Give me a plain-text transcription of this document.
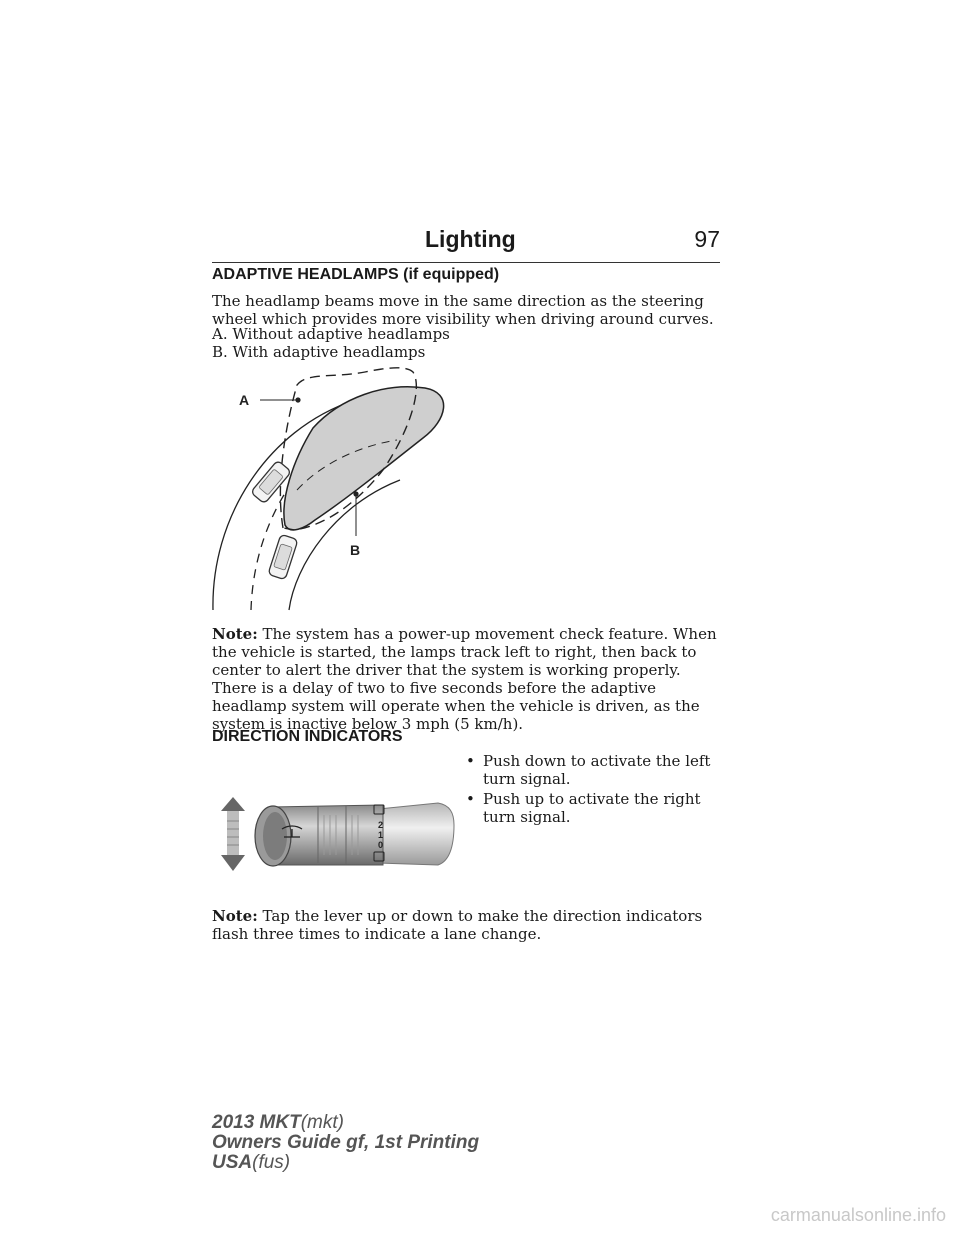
Lighting	97
ADAPTIVE HEADLAMPS (if equipped)
The headlamp beams move in the same direction as the steering wheel which provides more visibility when driving around curves.
A. Without adaptive headlamps
B. With adaptive headlamps
A
B
Note: The system has a power-up movement check feature. When the vehicle is started, the lamps track left to right, then back to center to alert the driver that the system is working properly. There is a delay of two to five seconds before the adaptive headlamp system will operate when the vehicle is driven, as the system is inactive below 3 mph (5 km/h).
DIRECTION INDICATORS
• Push down to activate the left turn signal.
• Push up to activate the right turn signal.
2
1
0
Note: Tap the lever up or down to make the direction indicators flash three times to indicate a lane change.
2013 MKT(mkt)
Owners Guide gf, 1st Printing
USA(fus)
carmanualsonline.info
